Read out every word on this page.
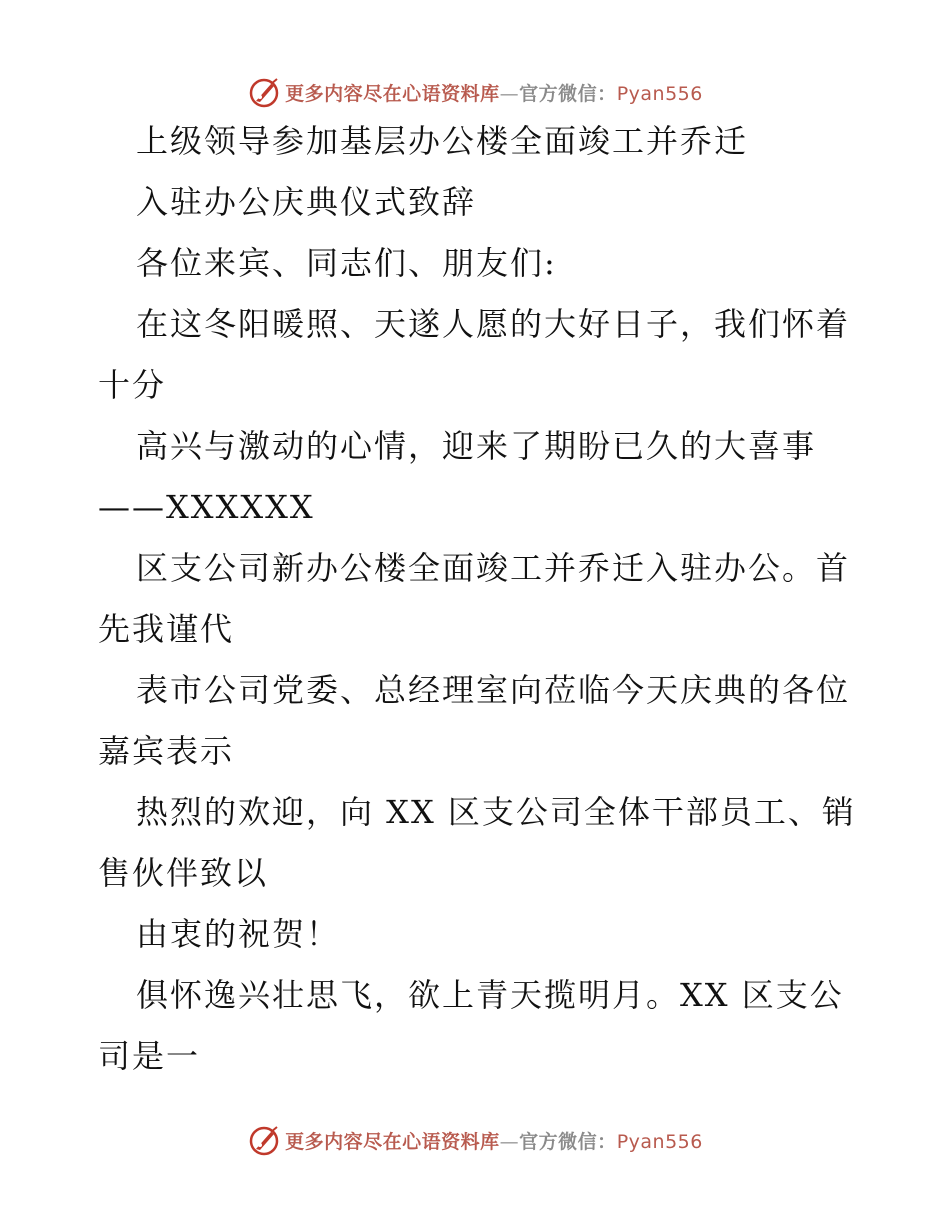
更多内容尽在心语资料库—官方微信：Pyan556
上级领导参加基层办公楼全面竣工并乔迁
入驻办公庆典仪式致辞
各位来宾、同志们、朋友们:
在这冬阳暖照、天遂人愿的大好日子，我们怀着
十分
高兴与激动的心情，迎来了期盼已久的大喜事
——XXXXXX
区支公司新办公楼全面竣工并乔迁入驻办公。首
先我谨代
表市公司党委、总经理室向莅临今天庆典的各位
嘉宾表示
热烈的欢迎，向 XX 区支公司全体干部员工、销
售伙伴致以
由衷的祝贺！
俱怀逸兴壮思飞，欲上青天揽明月。XX 区支公
司是一
更多内容尽在心语资料库—官方微信：Pyan556
